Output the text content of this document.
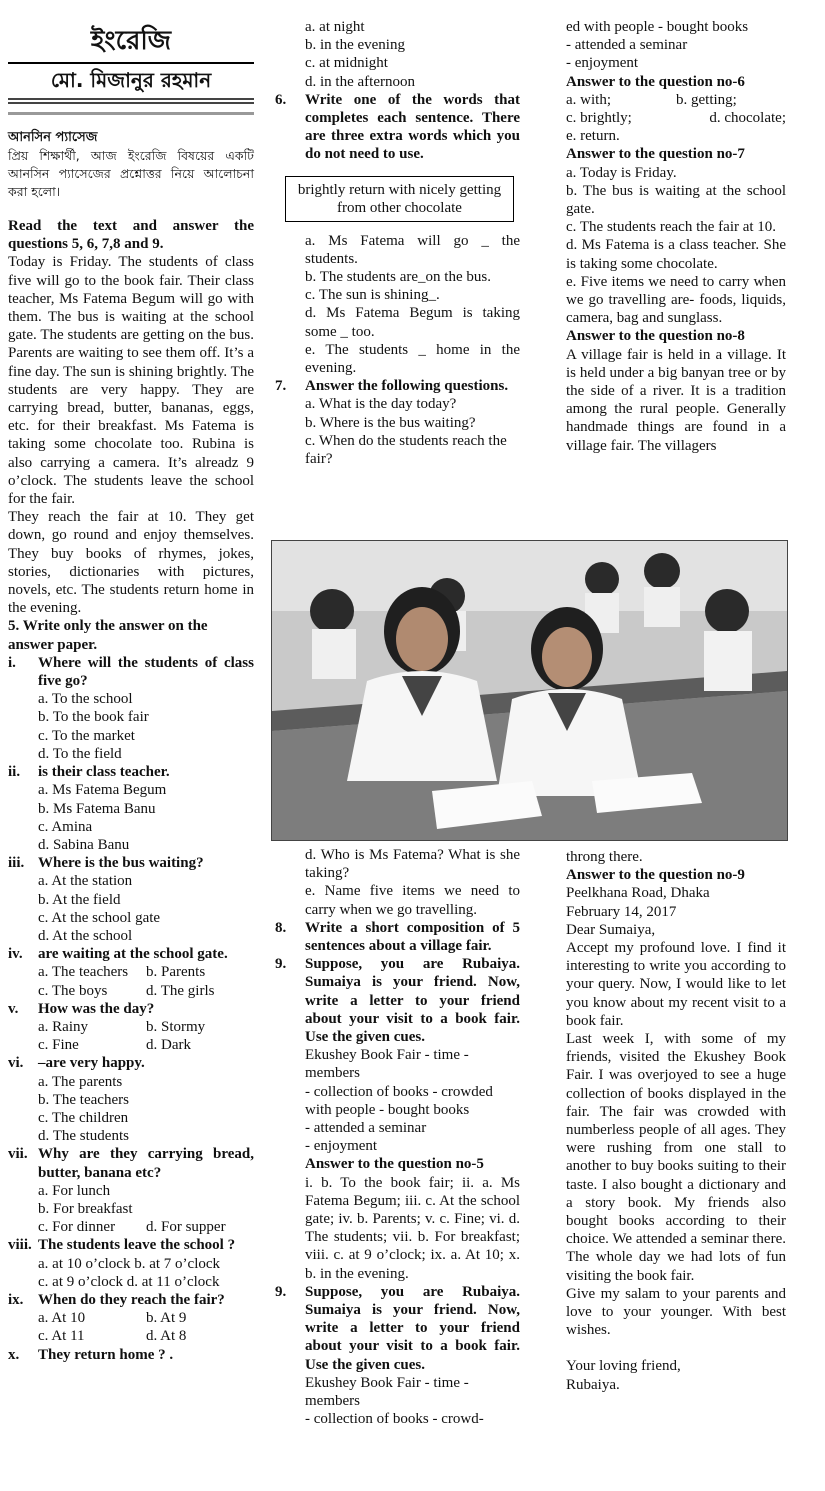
ইংরেজি
মো. মিজানুর রহমান
আনসিন প্যাসেজ
প্রিয় শিক্ষার্থী, আজ ইংরেজি বিষয়ের একটি আনসিন প্যাসেজের প্রশ্নোত্তর নিয়ে আলোচনা করা হলো।

Read the text and answer the questions 5, 6, 7,8 and 9.

Today is Friday. The students of class five will go to the book fair. Their class teacher, Ms Fatema Begum will go with them. The bus is waiting at the school gate. The students are getting on the bus. Parents are waiting to see them off. It’s a fine day. The sun is shining brightly. The students are very happy. They are carrying bread, butter, bananas, eggs, etc. for their breakfast. Ms Fatema is taking some chocolate too. Rubina is also carrying a camera. It’s alreadz 9 o’clock. The students leave the school for the fair.

They reach the fair at 10. They get down, go round and enjoy themselves. They buy books of rhymes, jokes, stories, dictionaries with pictures, novels, etc. The students return home in the evening.

5. Write only the answer on the answer paper.

i.	Where will the students of class five go?
a. To the school
b. To the book fair
c. To the market
d. To the field
ii.	is their class teacher.
a. Ms Fatema Begum
b. Ms Fatema Banu
c. Amina
d. Sabina Banu
iii. Where is the bus waiting?
a. At the station
b. At the field
c. At the school gate
d. At the school
iv.	are waiting at the school gate.
a. The teachers	b. Parents
c. The boys	d. The girls
v.	How was the day?
a. Rainy	b. Stormy
c. Fine	d. Dark
vi. –are very happy.
a. The parents
b. The teachers
c. The children
d. The students
vii. Why are they carrying bread, butter, banana etc?
a. For lunch
b. For breakfast
c. For dinner	d. For supper
viii. The students leave the school ?
a. at 10 o’clock b. at 7 o’clock
c. at 9 o’clock d. at 11 o’clock
ix. When do they reach the fair?
a. At 10	b. At 9
c. At 11	d. At 8
x.	They return home ? .
a. at night
b. in the evening
c. at midnight
d. in the afternoon
6.	Write one of the words that completes each sentence. There are three extra words which you do not need to use.
brightly return with nicely getting from other chocolate
a. Ms Fatema will go _ the students.
b. The students are_on the bus.
c. The sun is shining_.
d. Ms Fatema Begum is taking some _ too.
e. The students _ home in the evening.
7.	Answer the following questions.
a. What is the day today?
b. Where is the bus waiting?
c. When do the students reach the fair?
ed with people - bought books
- attended a seminar
- enjoyment
Answer to the question no-6
a. with;	b. getting;
c. brightly;	d. chocolate;
e. return.
Answer to the question no-7
a. Today is Friday.
b. The bus is waiting at the school gate.
c. The students reach the fair at 10.
d. Ms Fatema is a class teacher. She is taking some chocolate.
e. Five items we need to carry when we go travelling are- foods, liquids, camera, bag and sunglass.
Answer to the question no-8
A village fair is held in a village. It is held under a big banyan tree or by the side of a river. It is a tradition among the rural people. Generally handmade things are found in a village fair. The villagers
d. Who is Ms Fatema? What is she taking?
e. Name five items we need to carry when we go travelling.
8.	Write a short composition of 5 sentences about a village fair.
9.	Suppose, you are Rubaiya. Sumaiya is your friend. Now, write a letter to your friend about your visit to a book fair. Use the given cues.
Ekushey Book Fair - time - members
- collection of books - crowded with people - bought books
- attended a seminar
- enjoyment
Answer to the question no-5
i. b. To the book fair; ii. a. Ms Fatema Begum; iii. c. At the school gate; iv. b. Parents; v. c. Fine; vi. d. The students; vii. b. For breakfast; viii. c. at 9 o’clock; ix. a. At 10; x. b. in the evening.
9.	Suppose, you are Rubaiya. Sumaiya is your friend. Now, write a letter to your friend about your visit to a book fair. Use the given cues.
Ekushey Book Fair - time - members
- collection of books - crowd-
throng there.
Answer to the question no-9
Peelkhana Road, Dhaka
February 14, 2017
Dear Sumaiya,
Accept my profound love. I find it interesting to write you according to your query. Now, I would like to let you know about my recent visit to a book fair.
Last week I, with some of my friends, visited the Ekushey Book Fair. I was overjoyed to see a huge collection of books displayed in the fair. The fair was crowded with numberless people of all ages. They were rushing from one stall to another to buy books suiting to their taste. I also bought a dictionary and a story book. My friends also bought books according to their choice. We attended a seminar there. The whole day we had lots of fun visiting the book fair.
Give my salam to your parents and love to your younger. With best wishes.
Your loving friend,
Rubaiya.
